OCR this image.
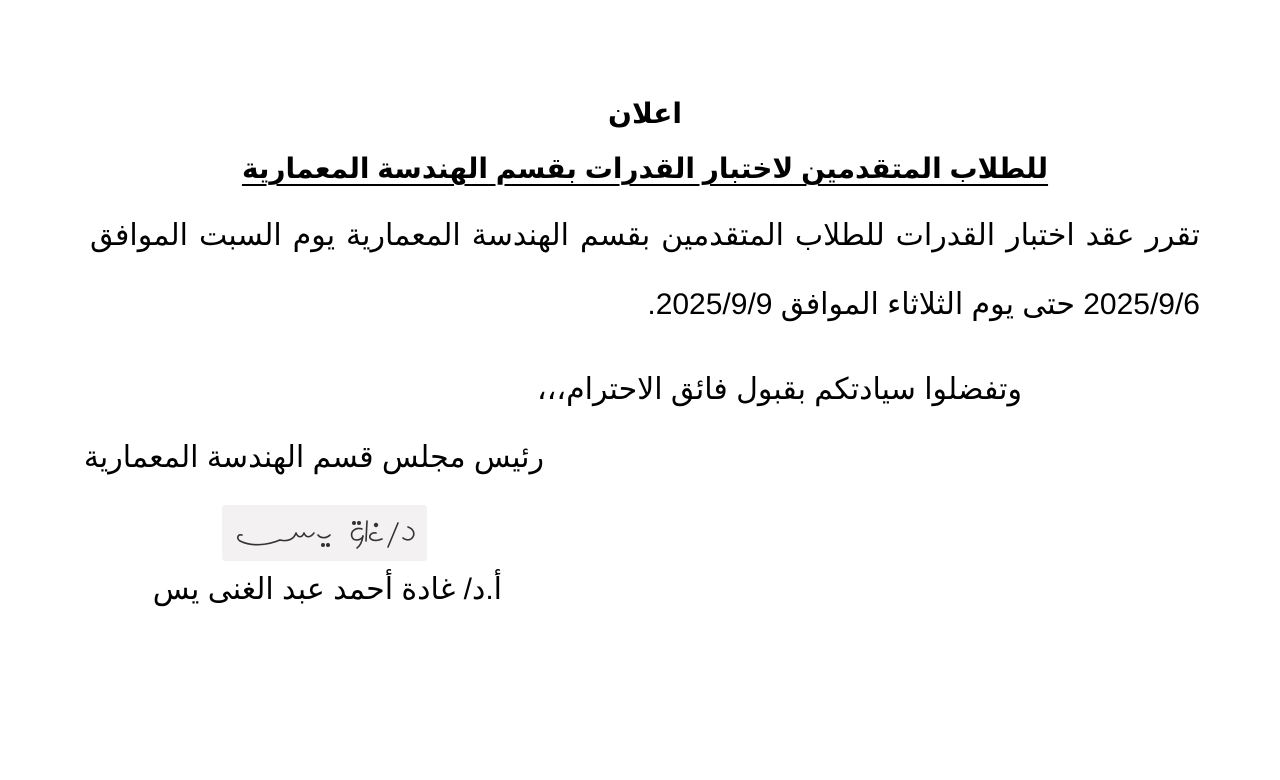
اعلان
للطلاب المتقدمين لاختبار القدرات بقسم الهندسة المعمارية
تقرر عقد اختبار القدرات للطلاب المتقدمين بقسم الهندسة المعمارية يوم السبت الموافق
2025/9/6 حتى يوم الثلاثاء الموافق 2025/9/9.
وتفضلوا سيادتكم بقبول فائق الاحترام،،،
رئيس مجلس قسم الهندسة المعمارية
أ.د/ غادة أحمد عبد الغنى يس
